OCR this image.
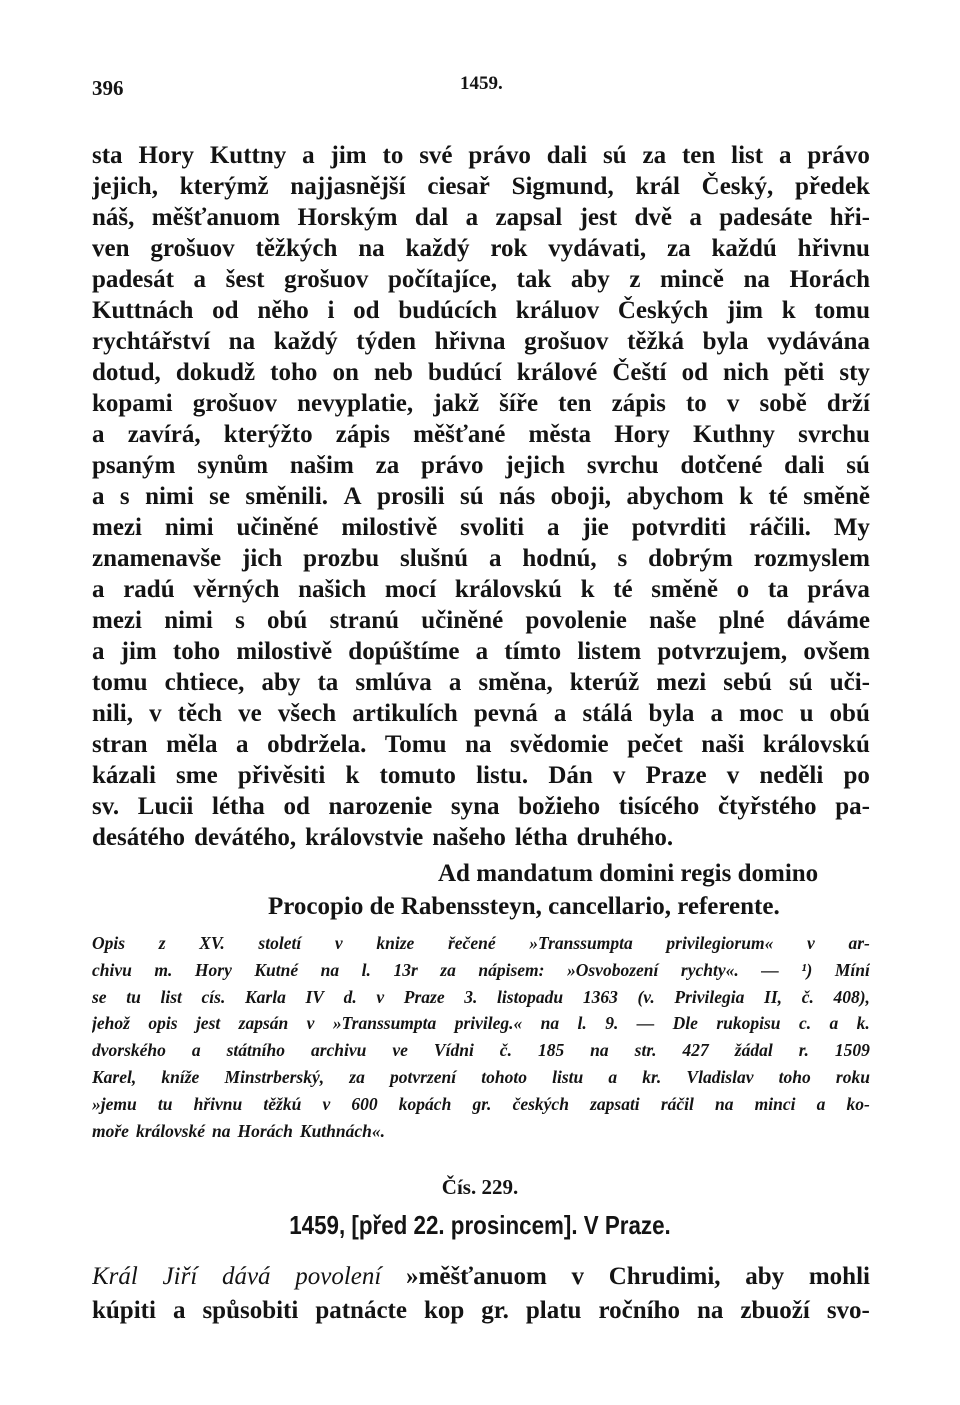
396	1459.
sta Hory Kuttny a jim to své právo dali sú za ten list a právo
jejich, kterýmž najjasnější ciesař Sigmund, král Český, předek
náš, měšťanuom Horským dal a zapsal jest dvě a padesáte hři-
ven grošuov těžkých na každý rok vydávati, za každú hřivnu
padesát a šest grošuov počítajíce, tak aby z mincě na Horách
Kuttnách od něho i od budúcích králuov Českých jim k tomu
rychtářství na každý týden hřivna grošuov těžká byla vydávána
dotud, dokudž toho on neb budúcí králové Čeští od nich pěti sty
kopami grošuov nevyplatie, jakž šíře ten zápis to v sobě drží
a zavírá, kterýžto zápis měšťané města Hory Kuthny svrchu
psaným synům našim za právo jejich svrchu dotčené dali sú
a s nimi se směnili. A prosili sú nás oboji, abychom k té směně
mezi nimi učiněné milostivě svoliti a jie potvrditi ráčili. My
znamenavše jich prozbu slušnú a hodnú, s dobrým rozmyslem
a radú věrných našich mocí královskú k té směně o ta práva
mezi nimi s obú stranú učiněné povolenie naše plné dáváme
a jim toho milostivě dopúštíme a tímto listem potvrzujem, ovšem
tomu chtiece, aby ta smlúva a směna, kterúž mezi sebú sú uči-
nili, v těch ve všech artikulích pevná a stálá byla a moc u obú
stran měla a obdržela. Tomu na svědomie pečet naši královskú
kázali sme přivěsiti k tomuto listu. Dán v Praze v neděli po
sv. Lucii létha od narozenie syna božieho tisícého čtyřstého pa-
desátého devátého, královstvie našeho létha druhého.
Ad mandatum domini regis domino
Procopio de Rabenssteyn, cancellario, referente.
Opis z XV. století v knize řečené »Transsumpta privilegiorum« v ar-
chivu m. Hory Kutné na l. 13r za nápisem: »Osvobození rychty«. — ¹) Míní
se tu list cís. Karla IV d. v Praze 3. listopadu 1363 (v. Privilegia II, č. 408),
jehož opis jest zapsán v »Transsumpta privileg.« na l. 9. — Dle rukopisu c. a k.
dvorského a státního archivu ve Vídni č. 185 na str. 427 žádal r. 1509
Karel, kníže Minstrberský, za potvrzení tohoto listu a kr. Vladislav toho roku
»jemu tu hřivnu těžkú v 600 kopách gr. českých zapsati ráčil na minci a ko-
moře královské na Horách Kuthnách«.
Čís. 229.
1459, [před 22. prosincem]. V Praze.
Král Jiří dává povolení »měšťanuom v Chrudimi, aby mohli
kúpiti a spůsobiti patnácte kop gr. platu ročního na zbuoží svo-
